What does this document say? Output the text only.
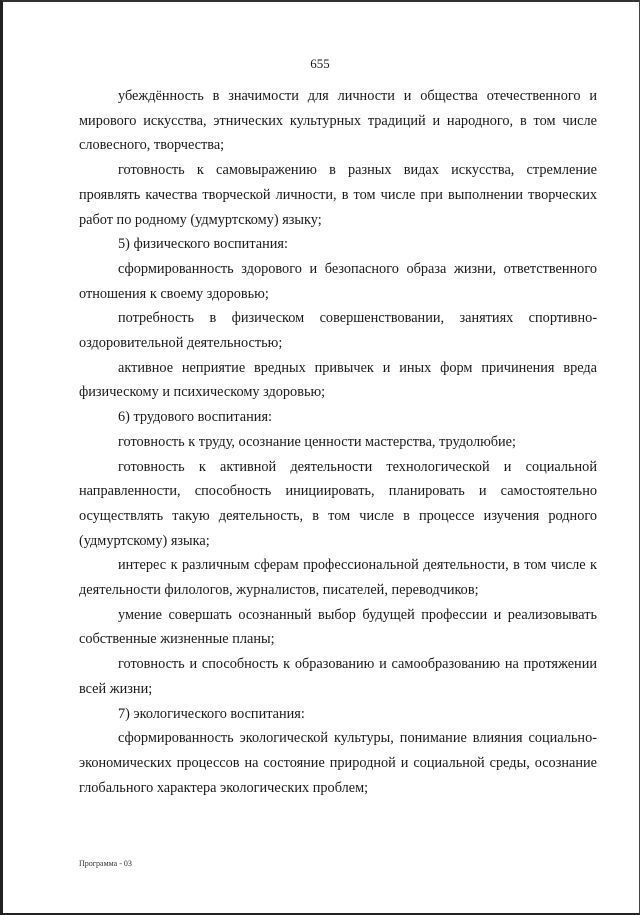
655

убеждённость в значимости для личности и общества отечественного и мирового искусства, этнических культурных традиций и народного, в том числе словесного, творчества;

готовность к самовыражению в разных видах искусства, стремление проявлять качества творческой личности, в том числе при выполнении творческих работ по родному (удмуртскому) языку;

5) физического воспитания:

сформированность здорового и безопасного образа жизни, ответственного отношения к своему здоровью;

потребность в физическом совершенствовании, занятиях спортивно-оздоровительной деятельностью;

активное неприятие вредных привычек и иных форм причинения вреда физическому и психическому здоровью;

6) трудового воспитания:

готовность к труду, осознание ценности мастерства, трудолюбие;

готовность к активной деятельности технологической и социальной направленности, способность инициировать, планировать и самостоятельно осуществлять такую деятельность, в том числе в процессе изучения родного (удмуртскому) языка;

интерес к различным сферам профессиональной деятельности, в том числе к деятельности филологов, журналистов, писателей, переводчиков;

умение совершать осознанный выбор будущей профессии и реализовывать собственные жизненные планы;

готовность и способность к образованию и самообразованию на протяжении всей жизни;

7) экологического воспитания:

сформированность экологической культуры, понимание влияния социально-экономических процессов на состояние природной и социальной среды, осознание глобального характера экологических проблем;

Программа - 03
